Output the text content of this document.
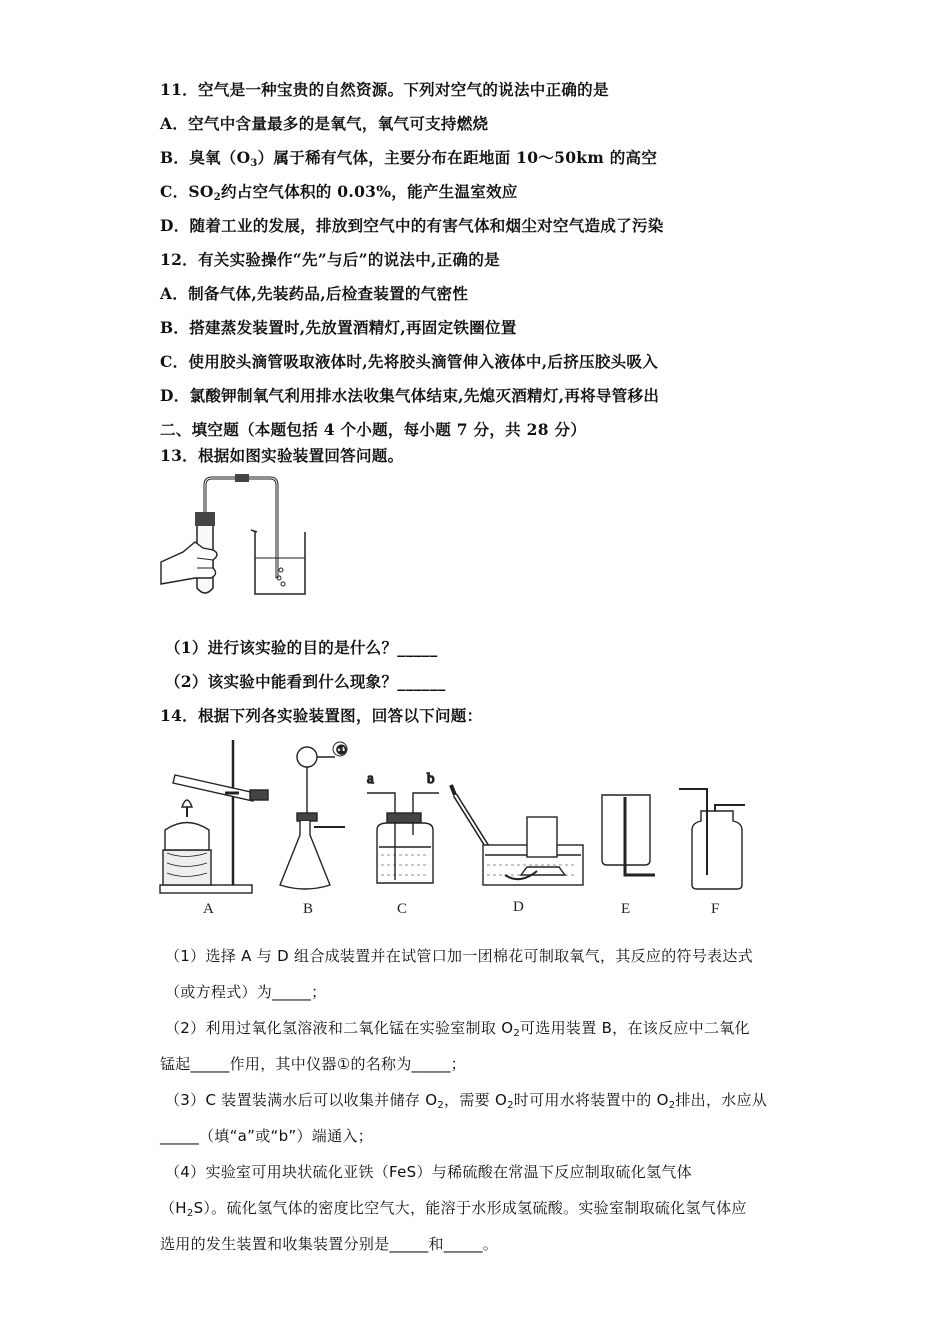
11．空气是一种宝贵的自然资源。下列对空气的说法中正确的是
A．空气中含量最多的是氧气，氧气可支持燃烧
B．臭氧$(O_3)$属于稀有气体，主要分布在距地面 10～50km 的高空
C．$SO_2$约占空气体积的 0.03%，能产生温室效应
D．随着工业的发展，排放到空气中的有害气体和烟尘对空气造成了污染
12．有关实验操作“先”与后”的说法中,正确的是
A．制备气体,先装药品,后检查装置的气密性
B．搭建蒸发装置时,先放置酒精灯,再固定铁圈位置
C．使用胶头滴管吸取液体时,先将胶头滴管伸入液体中,后挤压胶头吸入
D．氯酸钾制氧气利用排水法收集气体结束,先熄灭酒精灯,再将导管移出
二、填空题（本题包括 4 个小题，每小题 7 分，共 28 分）
13．根据如图实验装置回答问题。
（1）进行该实验的目的是什么？_____
（2）该实验中能看到什么现象？______
14．根据下列各实验装置图，回答以下问题：
①
a	b
A	B	C	D	E	F
（1）选择 A 与 D 组合成装置并在试管口加一团棉花可制取氧气，其反应的符号表达式
（或方程式）为_____；
（2）利用过氧化氢溶液和二氧化锰在实验室制取 $O_2$可选用装置 B，在该反应中二氧化
锰起_____作用，其中仪器①的名称为_____；
（3）C 装置装满水后可以收集并储存 $O_2$，需要 $O_2$时可用水将装置中的 $O_2$排出，水应从
_____（填“a”或“b”）端通入；
（4）实验室可用块状硫化亚铁（FeS）与稀硫酸在常温下反应制取硫化氢气体
$(H_2S)$。硫化氢气体的密度比空气大，能溶于水形成氢硫酸。实验室制取硫化氢气体应
选用的发生装置和收集装置分别是_____和_____。
